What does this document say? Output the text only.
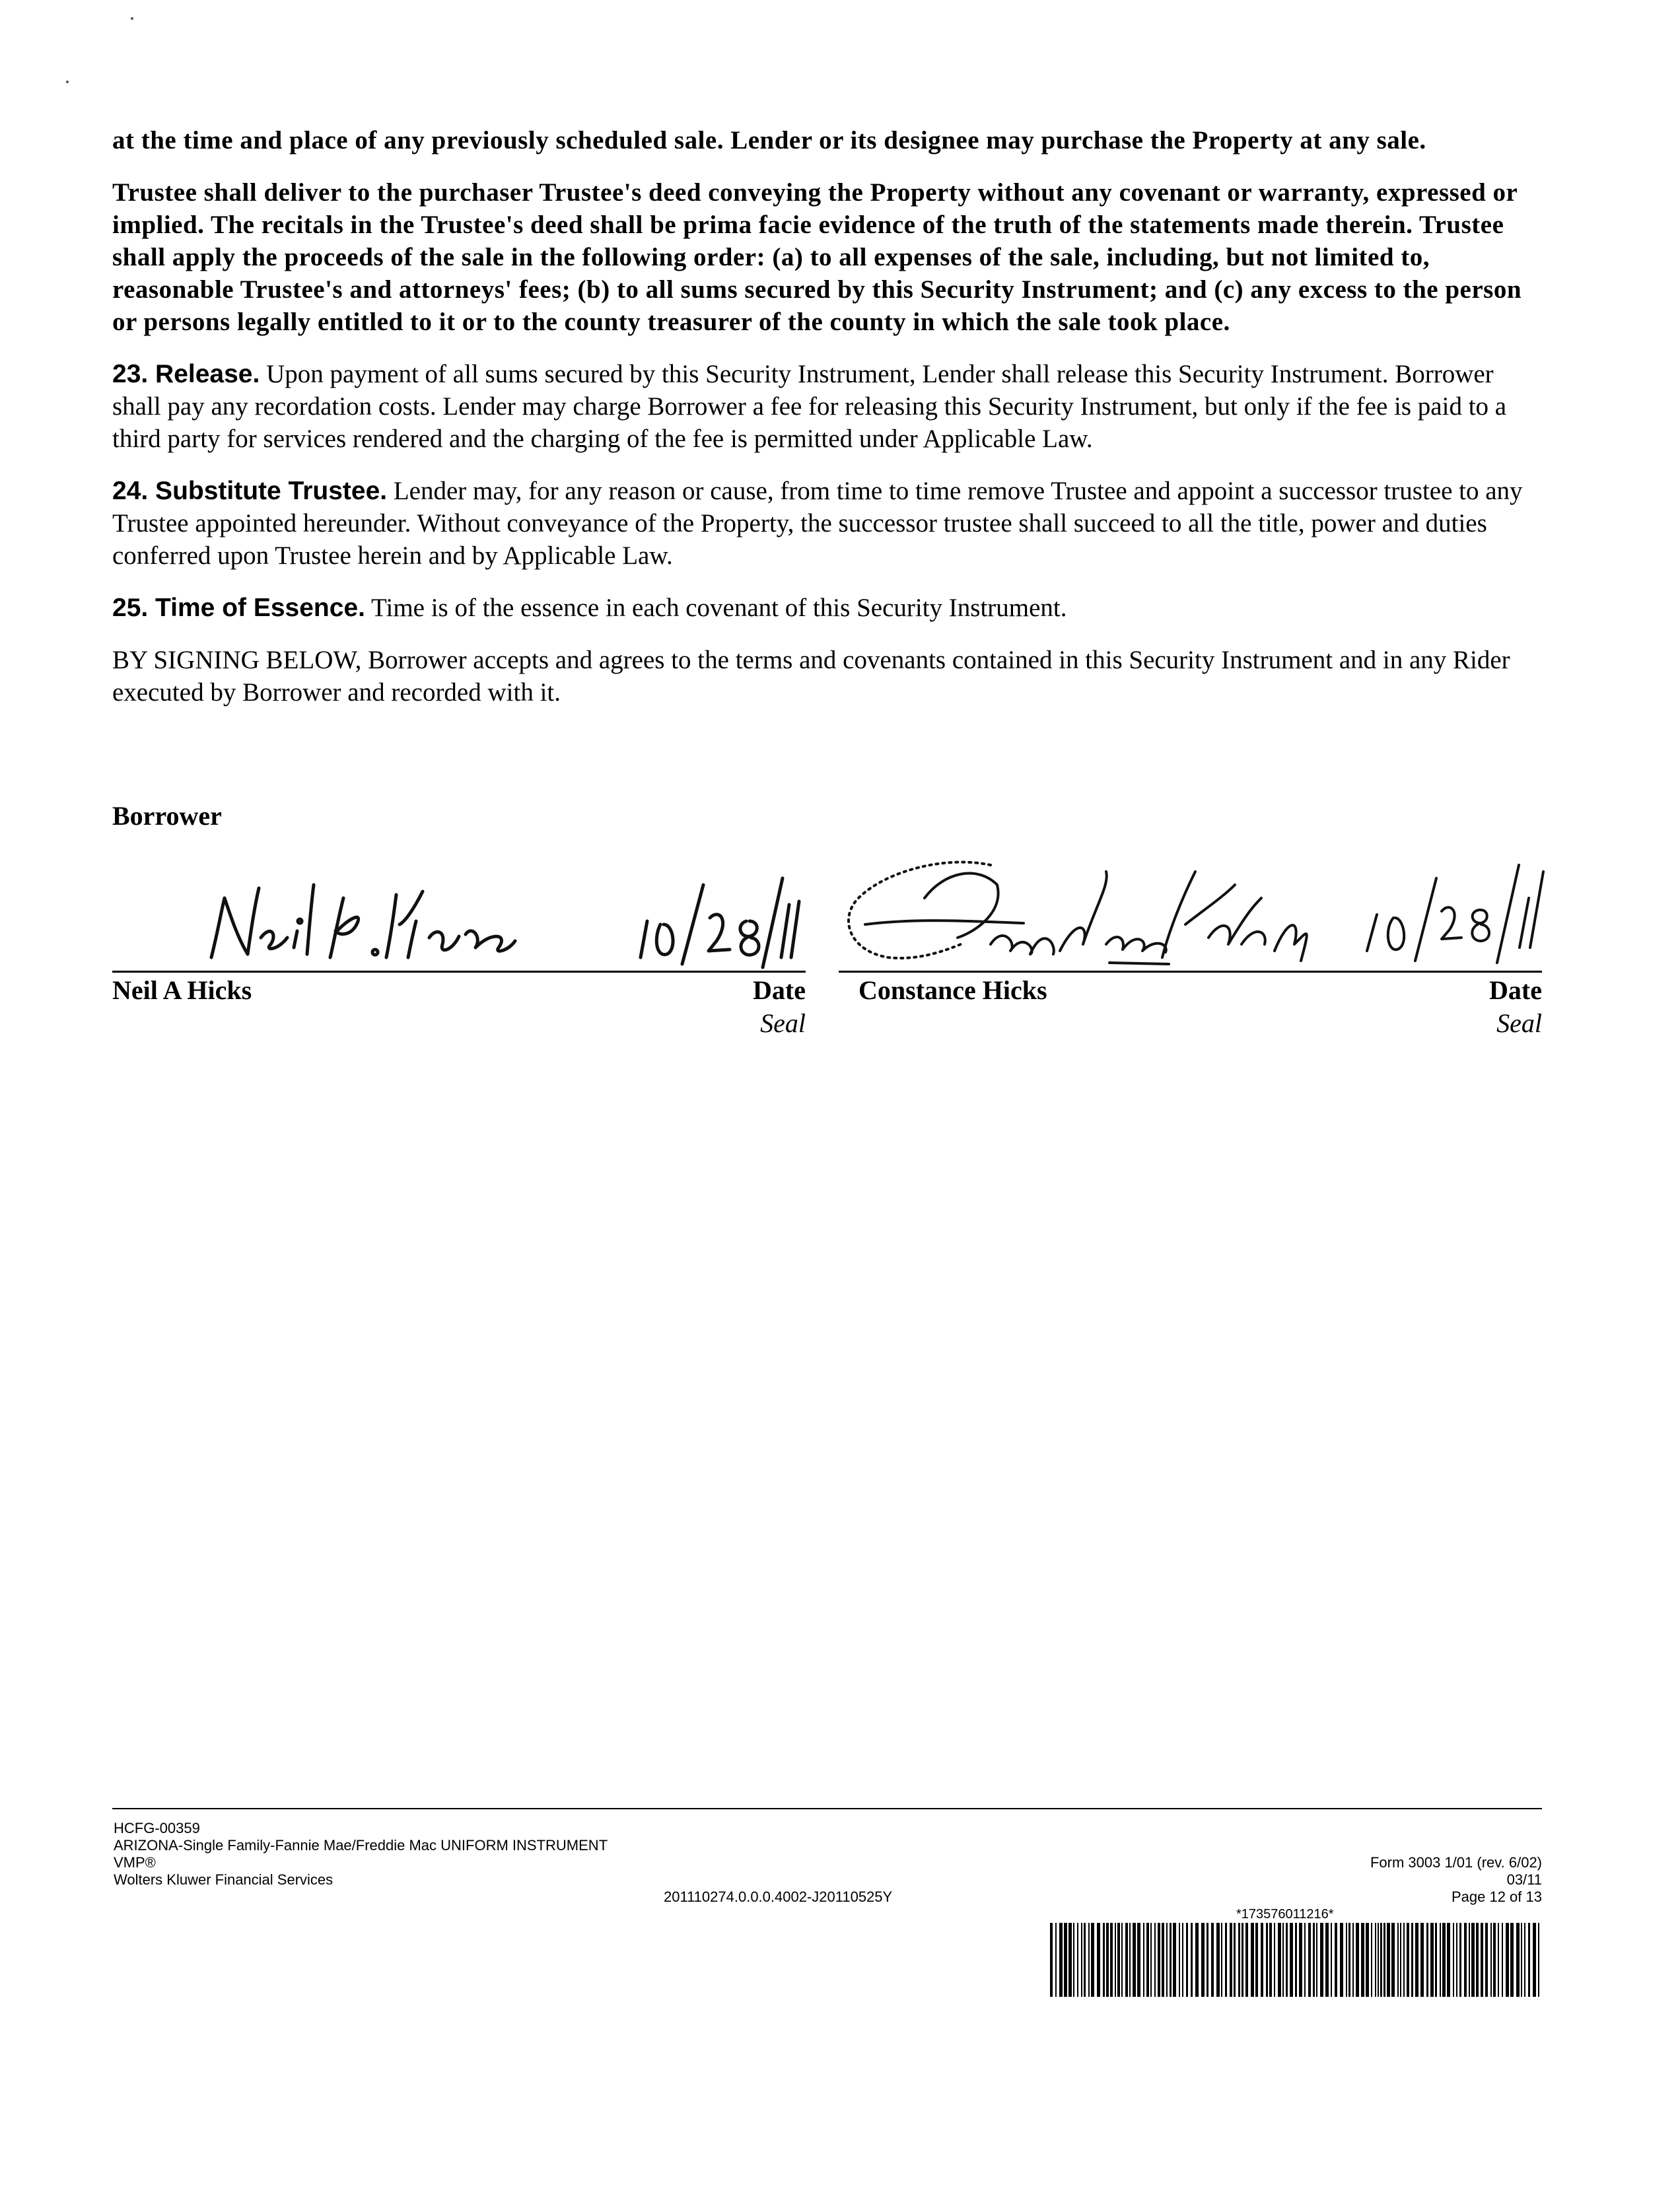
at the time and place of any previously scheduled sale. Lender or its designee may purchase the Property at any sale.

Trustee shall deliver to the purchaser Trustee's deed conveying the Property without any covenant or warranty, expressed or implied. The recitals in the Trustee's deed shall be prima facie evidence of the truth of the statements made therein. Trustee shall apply the proceeds of the sale in the following order: (a) to all expenses of the sale, including, but not limited to, reasonable Trustee's and attorneys' fees; (b) to all sums secured by this Security Instrument; and (c) any excess to the person or persons legally entitled to it or to the county treasurer of the county in which the sale took place.

23. Release. Upon payment of all sums secured by this Security Instrument, Lender shall release this Security Instrument. Borrower shall pay any recordation costs. Lender may charge Borrower a fee for releasing this Security Instrument, but only if the fee is paid to a third party for services rendered and the charging of the fee is permitted under Applicable Law.

24. Substitute Trustee. Lender may, for any reason or cause, from time to time remove Trustee and appoint a successor trustee to any Trustee appointed hereunder. Without conveyance of the Property, the successor trustee shall succeed to all the title, power and duties conferred upon Trustee herein and by Applicable Law.

25. Time of Essence. Time is of the essence in each covenant of this Security Instrument.

BY SIGNING BELOW, Borrower accepts and agrees to the terms and covenants contained in this Security Instrument and in any Rider executed by Borrower and recorded with it.

Borrower
Neil A Hicks	Date
Seal
Constance Hicks	Date
Seal
HCFG-00359
ARIZONA-Single Family-Fannie Mae/Freddie Mac UNIFORM INSTRUMENT
VMP®
Wolters Kluwer Financial Services
201110274.0.0.0.4002-J20110525Y
Form 3003 1/01 (rev. 6/02)
03/11
Page 12 of 13
*173576011216*
